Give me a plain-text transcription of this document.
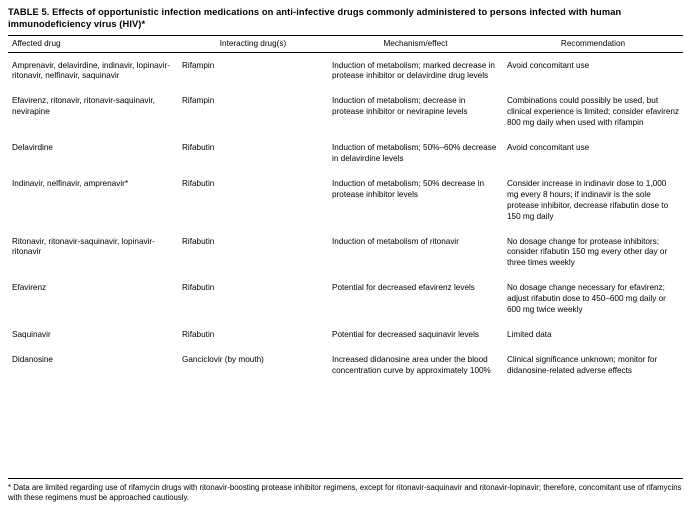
TABLE 5. Effects of opportunistic infection medications on anti-infective drugs commonly administered to persons infected with human immunodeficiency virus (HIV)*
Affected drug	Interacting drug(s)	Mechanism/effect	Recommendation
Amprenavir, delavirdine, indinavir, lopinavir-ritonavir, nelfinavir, saquinavir	Rifampin	Induction of metabolism; marked decrease in protease inhibitor or delavirdine drug levels	Avoid concomitant use
Efavirenz, ritonavir, ritonavir-saquinavir, nevirapine	Rifampin	Induction of metabolism; decrease in protease inhibitor or nevirapine levels	Combinations could possibly be used, but clinical experience is limited; consider efavirenz 800 mg daily when used with rifampin
Delavirdine	Rifabutin	Induction of metabolism; 50%–60% decrease in delavirdine levels	Avoid concomitant use
Indinavir, nelfinavir, amprenavir*	Rifabutin	Induction of metabolism; 50% decrease in protease inhibitor levels	Consider increase in indinavir dose to 1,000 mg every 8 hours; if indinavir is the sole protease inhibitor, decrease rifabutin dose to 150 mg daily
Ritonavir, ritonavir-saquinavir, lopinavir-ritonavir	Rifabutin	Induction of metabolism of ritonavir	No dosage change for protease inhibitors; consider rifabutin 150 mg every other day or three times weekly
Efavirenz	Rifabutin	Potential for decreased efavirenz levels	No dosage change necessary for efavirenz; adjust rifabutin dose to 450–600 mg daily or 600 mg twice weekly
Saquinavir	Rifabutin	Potential for decreased saquinavir levels	Limited data
Didanosine	Ganciclovir (by mouth)	Increased didanosine area under the blood concentration curve by approximately 100%	Clinical significance unknown; monitor for didanosine-related adverse effects
* Data are limited regarding use of rifamycin drugs with ritonavir-boosting protease inhibitor regimens, except for ritonavir-saquinavir and ritonavir-lopinavir; therefore, concomitant use of rifamycins with these regimens must be approached cautiously.
